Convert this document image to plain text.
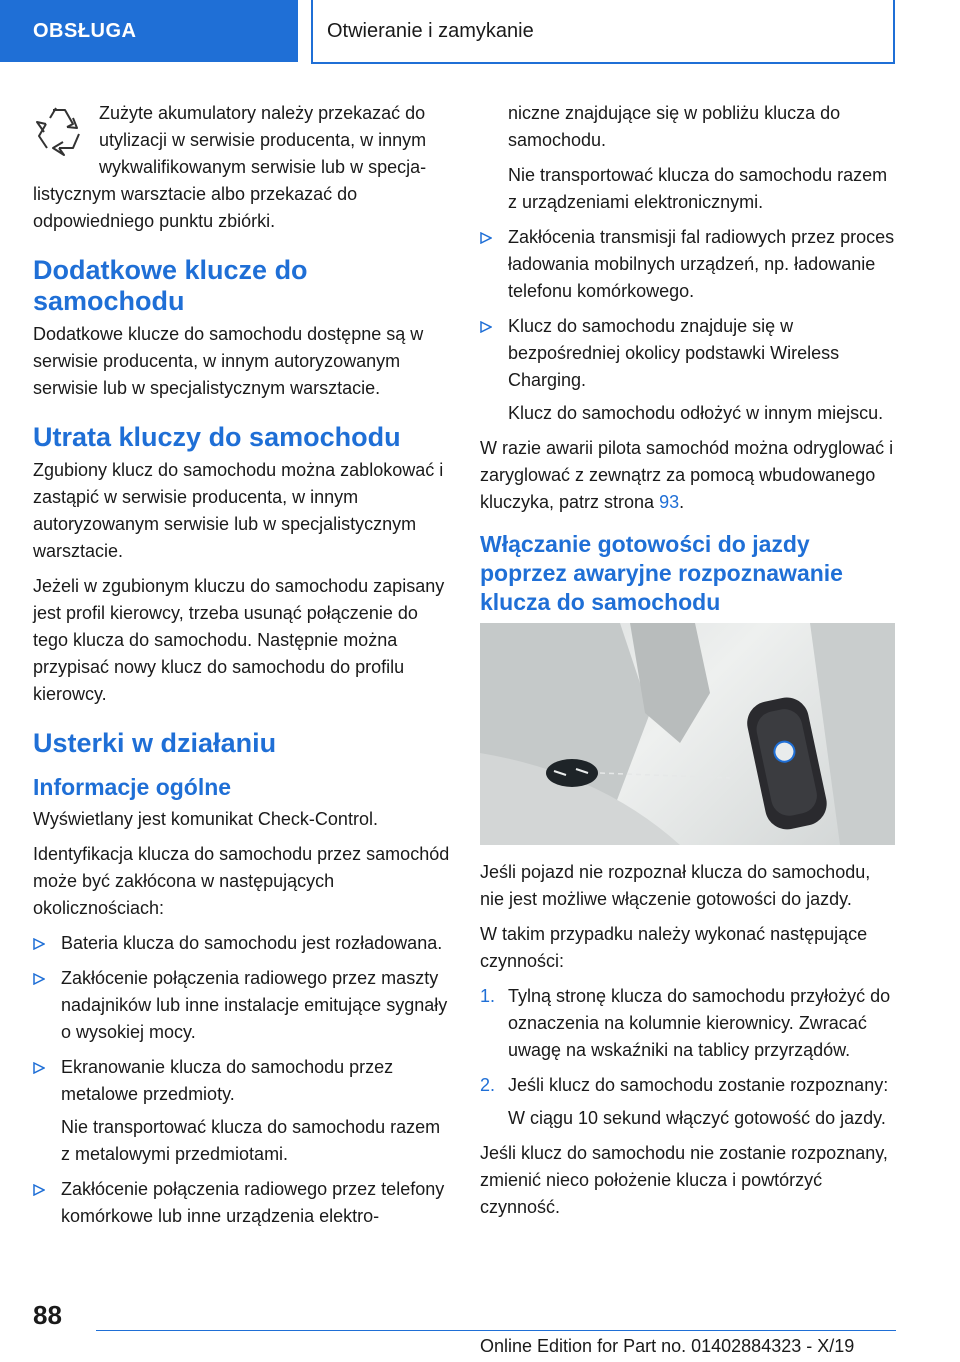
OBSŁUGA	Otwieranie i zamykanie

Zużyte akumulatory należy przekazać do
utylizacji w serwisie producenta, w innym
wykwalifikowanym serwisie lub w specja-
listycznym warsztacie albo przekazać do odpowiedniego punktu zbiórki.

Dodatkowe klucze do samochodu

Dodatkowe klucze do samochodu dostępne są w serwisie producenta, w innym autoryzowanym serwisie lub w specjalistycznym warsztacie.

Utrata kluczy do samochodu

Zgubiony klucz do samochodu można zablokować i zastąpić w serwisie producenta, w innym autoryzowanym serwisie lub w specjalistycznym warsztacie.

Jeżeli w zgubionym kluczu do samochodu zapisany jest profil kierowcy, trzeba usunąć połączenie do tego klucza do samochodu. Następnie można przypisać nowy klucz do samochodu do profilu kierowcy.

Usterki w działaniu
Informacje ogólne

Wyświetlany jest komunikat Check-Control.

Identyfikacja klucza do samochodu przez samochód może być zakłócona w następujących okolicznościach:

Bateria klucza do samochodu jest rozładowana.

Zakłócenie połączenia radiowego przez maszty nadajników lub inne instalacje emitujące sygnały o wysokiej mocy.

Ekranowanie klucza do samochodu przez metalowe przedmioty.

Nie transportować klucza do samochodu razem z metalowymi przedmiotami.

Zakłócenie połączenia radiowego przez telefony komórkowe lub inne urządzenia elektro-

niczne znajdujące się w pobliżu klucza do samochodu.

Nie transportować klucza do samochodu razem z urządzeniami elektronicznymi.

Zakłócenia transmisji fal radiowych przez proces ładowania mobilnych urządzeń, np. ładowanie telefonu komórkowego.

Klucz do samochodu znajduje się w bezpośredniej okolicy podstawki Wireless Charging.

Klucz do samochodu odłożyć w innym miejscu.

W razie awarii pilota samochód można odryglować i zaryglować z zewnątrz za pomocą wbudowanego kluczyka, patrz strona 93.

Włączanie gotowości do jazdy poprzez awaryjne rozpoznawanie klucza do samochodu

Jeśli pojazd nie rozpoznał klucza do samochodu, nie jest możliwe włączenie gotowości do jazdy.

W takim przypadku należy wykonać następujące czynności:

1. Tylną stronę klucza do samochodu przyłożyć do oznaczenia na kolumnie kierownicy. Zwracać uwagę na wskaźniki na tablicy przyrządów.

2. Jeśli klucz do samochodu zostanie rozpoznany:

W ciągu 10 sekund włączyć gotowość do jazdy.

Jeśli klucz do samochodu nie zostanie rozpoznany, zmienić nieco położenie klucza i powtórzyć czynność.

88
Online Edition for Part no. 01402884323 - X/19
